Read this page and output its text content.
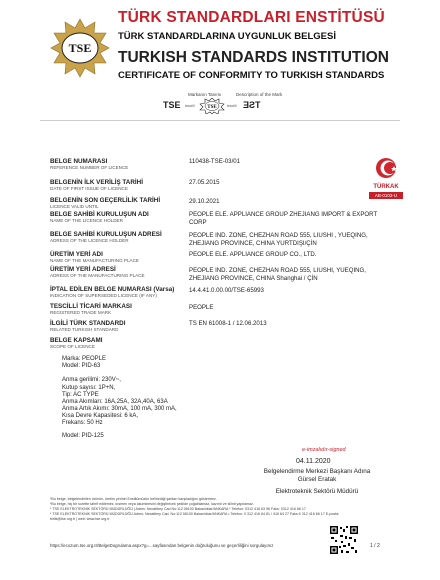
TSE
TÜRK STANDARDLARI ENSTİTÜSÜ
TÜRK STANDARDLARINA UYGUNLUK BELGESİ
TURKISH STANDARDS INSTITUTION
CERTIFICATE OF CONFORMITY TO TURKISH STANDARDS
Markanın Tanımı	Description of the Mark
TSE tescilli	TSE	tescilli TSE
TÜRKAK
AB-0103-U
BELGE NUMARASI
REFERENCE NUMBER OF LICENCE
110438-TSE-03/01
BELGENİN İLK VERİLİŞ TARİHİ
DATE OF FIRST ISSUE OF LICENCE
27.05.2015
BELGENİN SON GEÇERLİLİK TARİHİ
LICENCE VALID UNTIL
29.10.2021
BELGE SAHİBİ KURULUŞUN ADI
NAME OF THE LICENCE HOLDER
PEOPLE ELE. APPLIANCE GROUP ZHEJIANG IMPORT & EXPORT CORP
BELGE SAHİBİ KURULUŞUN ADRESİ
ADRESS OF THE LICENCE HOLDER
PEOPLE IND. ZONE, CHEZHAN ROAD 555, LIUSHI , YUEQING, ZHEJIANG PROVINCE, CHINA YURTDIŞI/ÇİN
ÜRETİM YERİ ADI
NAME OF THE MANUFACTURING PLACE
PEOPLE ELE. APPLIANCE GROUP CO., LTD.
ÜRETİM YERİ ADRESİ
ADRESS OF THE MANUFACTURING PLACE
PEOPLE IND. ZONE, CHEZHAN ROAD 555, LIUSHI, YUEQING, ZHEJIANG PROVINCE, CHINA Shanghai / ÇİN
İPTAL EDİLEN BELGE NUMARASI (Varsa)
INDICATION OF SUPERSEDED LICENCE (IF ANY)
14.4.41.0.00.00/TSE-65993
TESCİLLİ TİCARİ MARKASI
REGISTERED TRADE MARK
PEOPLE
İLGİLİ TÜRK STANDARDI
RELATED TURKISH STANDARD
TS EN 61008-1 / 12.06.2013
BELGE KAPSAMI
SCOPE OF LICENCE
Marka: PEOPLE
Model: PID-63
Anma gerilimi: 230V~,
Kutup sayısı: 1P+N,
Tip: AC TYPE
Anma Akımları: 16A,25A, 32A,40A, 63A
Anma Artık Akımı: 30mA, 100 mA, 300 mA,
Kısa Devre Kapasitesi: 6 kA,
Frekans: 50 Hz
Model: PID-125
e-imzalıdır-signed
04.11.2020
Belgelendirme Merkezi Başkanı Adına
Gürsel Eratak
Elektroteknik Sektörü Müdürü
*Bu belge, belgelendirilen ürünün, üretim yerinin Enstitümüzün belirlediği şartları karşıladığını göstermez.
*Bu belge, hiç bir surette tahrif edilemez, kısmen veya akuminesini değiştirecek şekilde çoğaltılamaz, kazıntı ve silinti yapılamaz.
* TSE ELEKTROTEKNİK SEKTÖRÜ MÜDÜRLÜĞÜ | Adres: Necatibey Cad No:112 06100 Bakanlıklar/ANKARA * Telefon: 0312 416 63 96 Faks: 0312 416 66 17
* TSE ELEKTROTEKNİK SEKTÖRÜ MÜDÜRLÜĞÜ Adres: Necatibey Cad. No:112 06100 Bakanlıklar/ANKARA • Telefon: 0 312 416 64 81 / 416 64 27 Faks:0 312 416 66 17 E-posta:
birlik@tse.org.tr | web: www.tse.org.tr
https://ecozum.tse.org.tr/BelgeDogrulama.aspx?g=...sayfasından belgenin doğruluğunu ve geçerliliğini sorgulayınız	1 / 2
